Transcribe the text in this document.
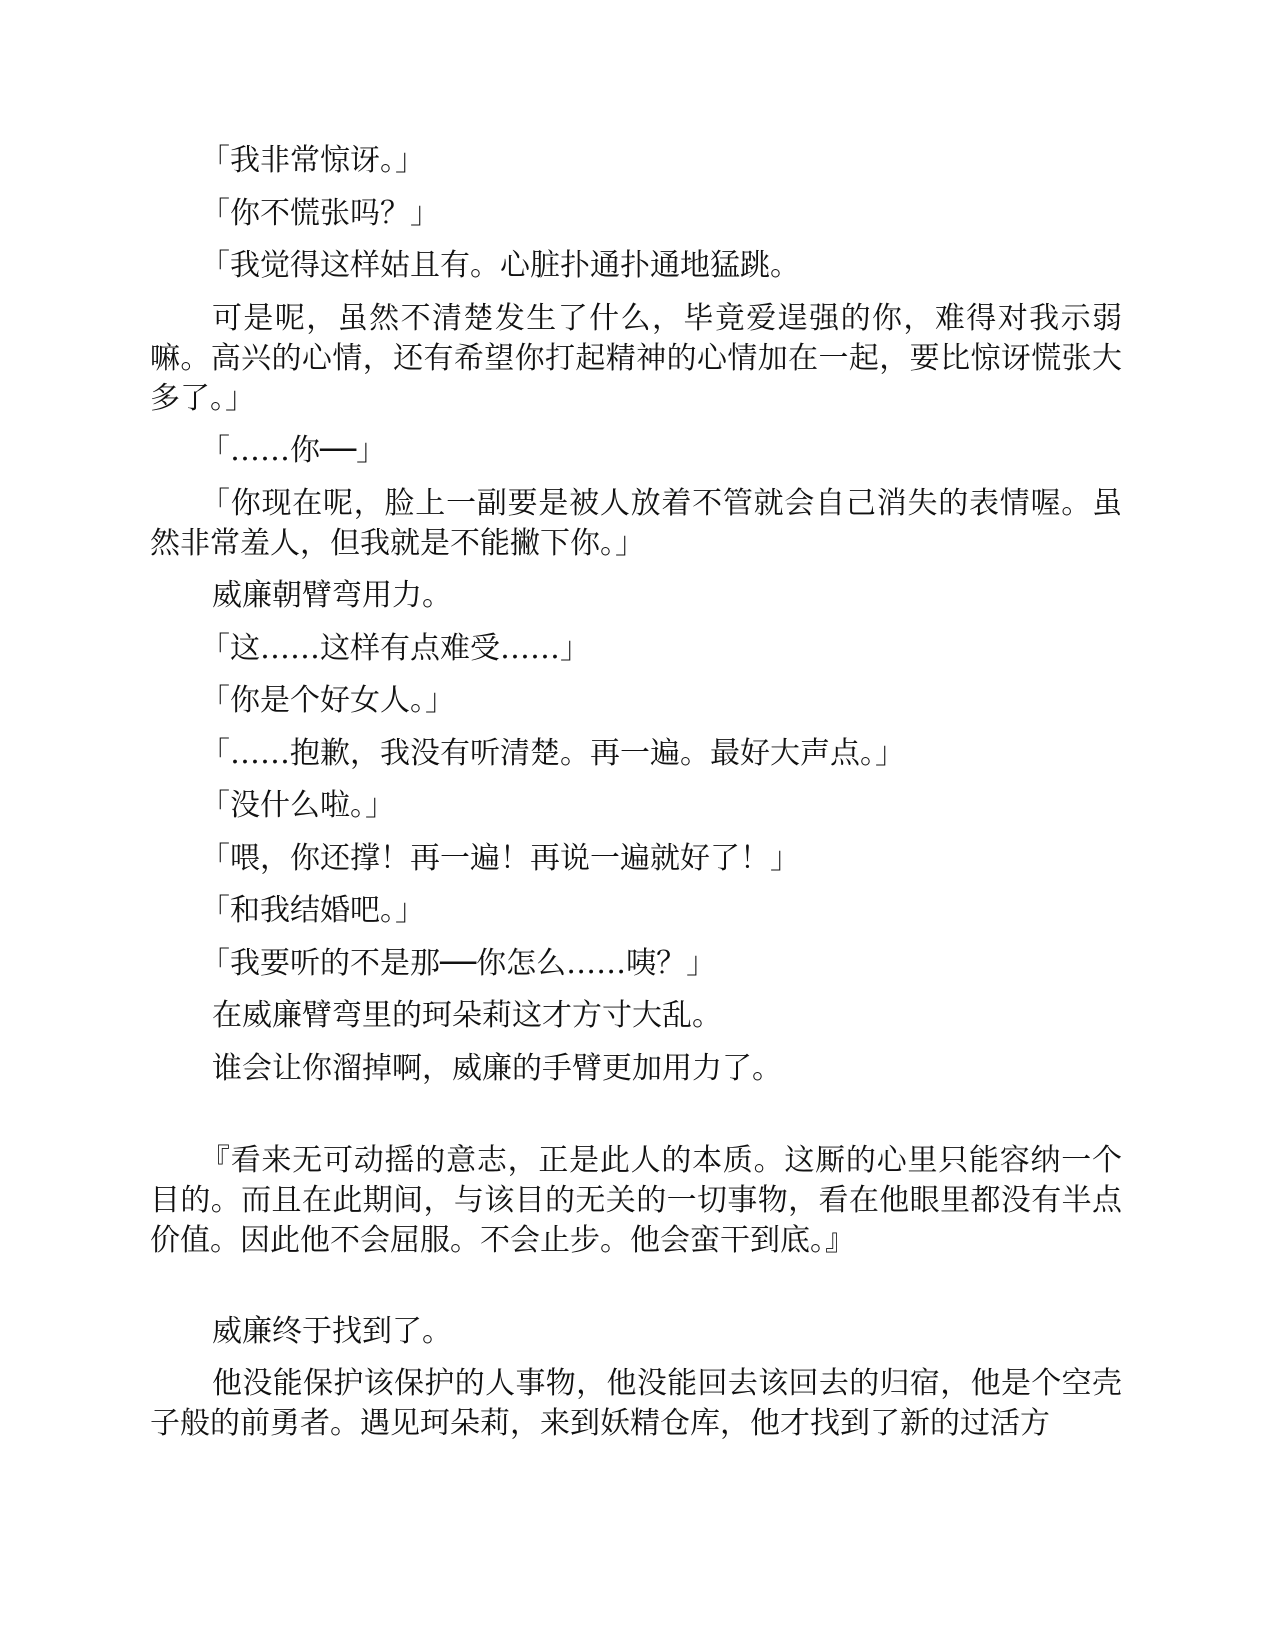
「我非常惊讶。」

「你不慌张吗？」

「我觉得这样姑且有。心脏扑通扑通地猛跳。

可是呢，虽然不清楚发生了什么，毕竟爱逞强的你，难得对我示弱嘛。高兴的心情，还有希望你打起精神的心情加在一起，要比惊讶慌张大多了。」

「……你──」

「你现在呢，脸上一副要是被人放着不管就会自己消失的表情喔。虽然非常羞人，但我就是不能撇下你。」

威廉朝臂弯用力。

「这……这样有点难受……」

「你是个好女人。」

「……抱歉，我没有听清楚。再一遍。最好大声点。」

「没什么啦。」

「喂，你还撑！再一遍！再说一遍就好了！」

「和我结婚吧。」

「我要听的不是那──你怎么……咦？」

在威廉臂弯里的珂朵莉这才方寸大乱。

谁会让你溜掉啊，威廉的手臂更加用力了。

『看来无可动摇的意志，正是此人的本质。这厮的心里只能容纳一个目的。而且在此期间，与该目的无关的一切事物，看在他眼里都没有半点价值。因此他不会屈服。不会止步。他会蛮干到底。』

威廉终于找到了。

他没能保护该保护的人事物，他没能回去该回去的归宿，他是个空壳子般的前勇者。遇见珂朵莉，来到妖精仓库，他才找到了新的过活方
